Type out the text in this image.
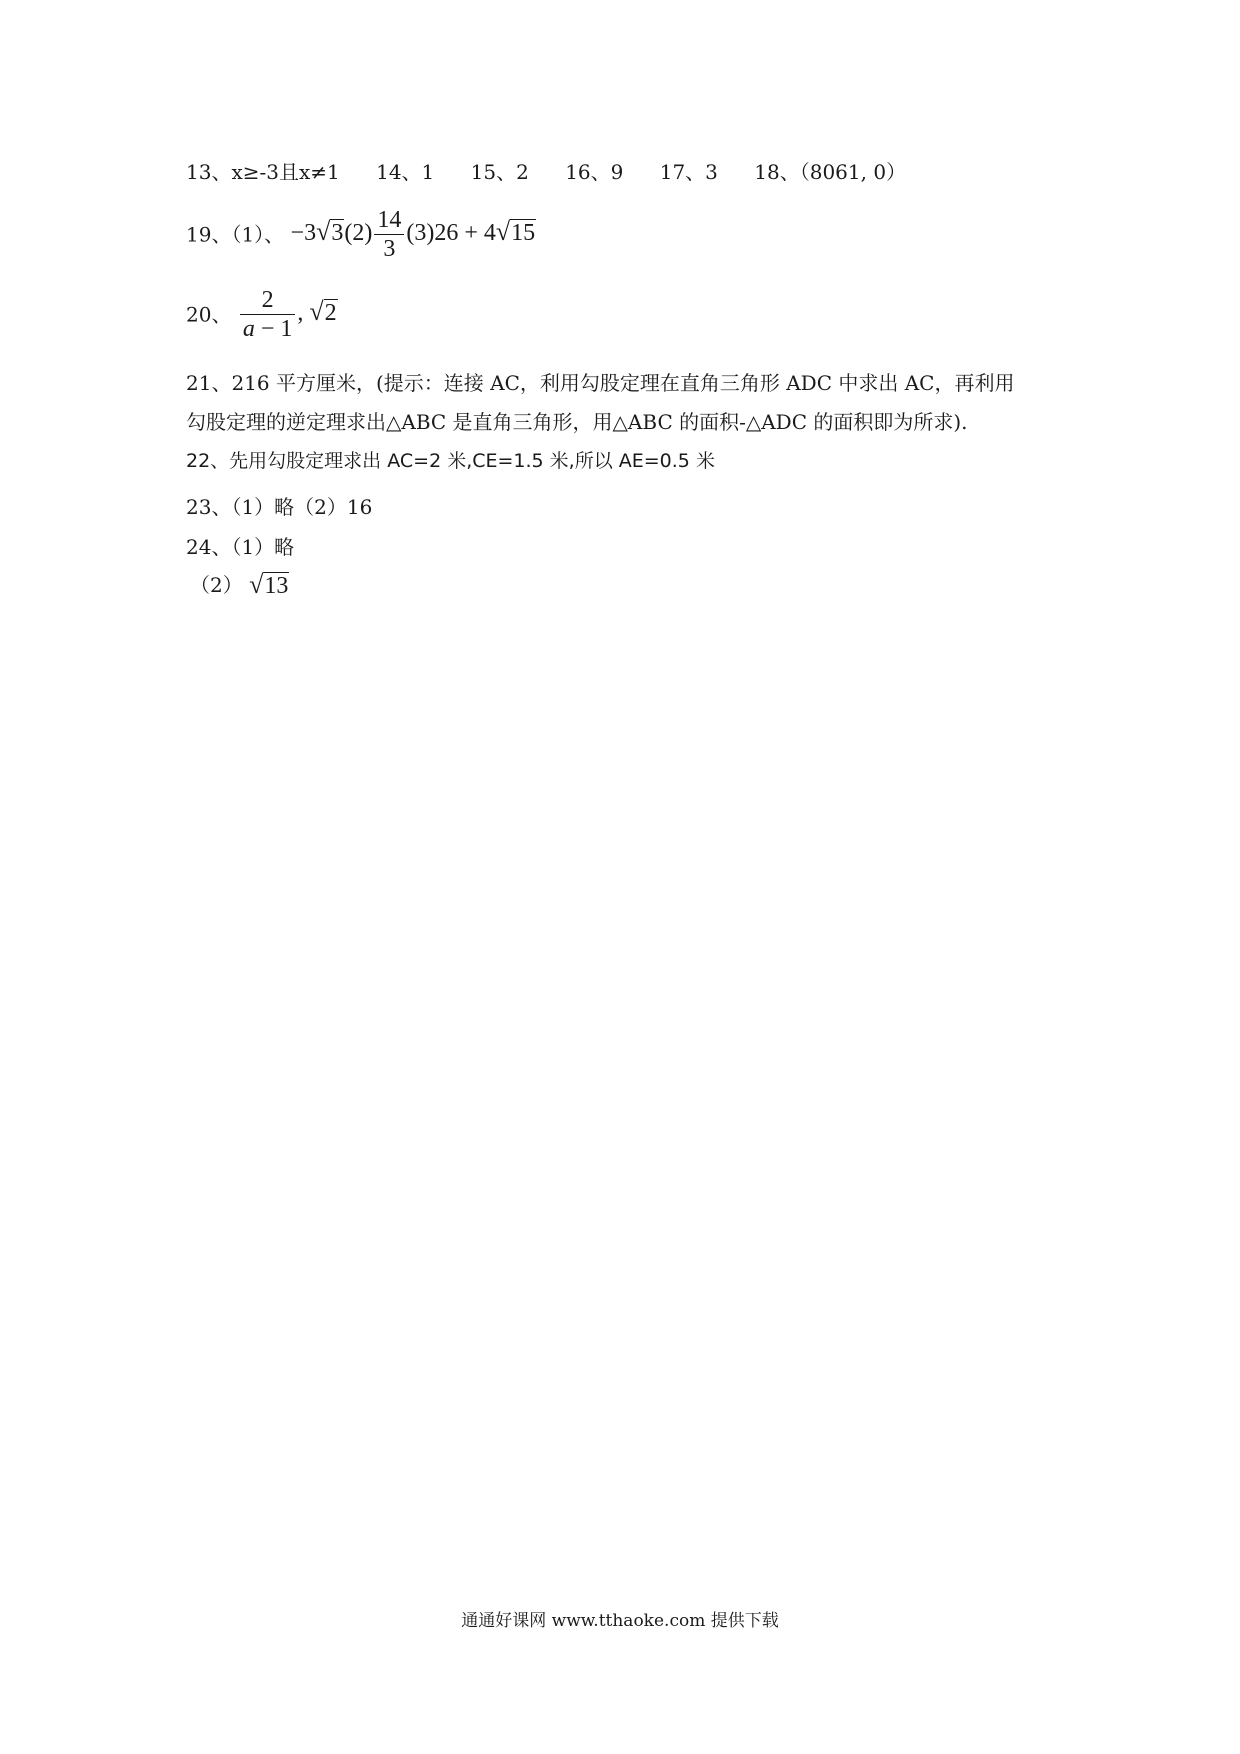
13、x≥-3且x≠1 14、1 15、2 16、9 17、3 18、（8061, 0）
19、（1）、 $-3√3(2) \frac{14}{3} (3)26 + 4√15$
20、 $\frac{2}{a - 1}$ , √2
21、216 平方厘米，(提示：连接 AC，利用勾股定理在直角三角形 ADC 中求出 AC，再利用
勾股定理的逆定理求出△ABC 是直角三角形，用△ABC 的面积-△ADC 的面积即为所求).
22、先用勾股定理求出 AC=2 米,CE=1.5 米,所以 AE=0.5 米
23、（1）略（2）16
24、（1）略
（2） √13
通通好课网 www.tthaoke.com 提供下载
